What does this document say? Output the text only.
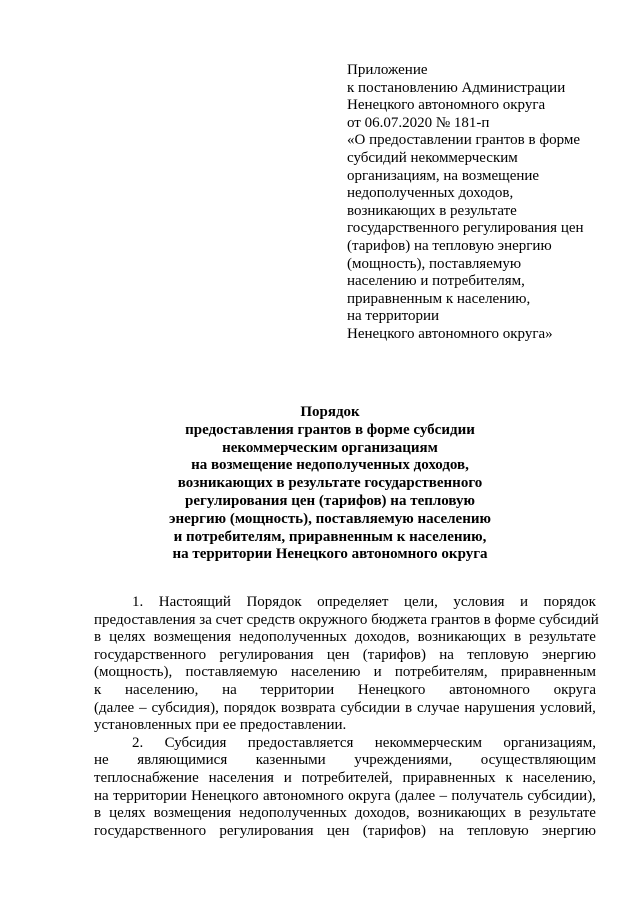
Приложение
к постановлению Администрации
Ненецкого автономного округа
от 06.07.2020 № 181-п
«О предоставлении грантов в форме
субсидий некоммерческим
организациям, на возмещение
недополученных доходов,
возникающих в результате
государственного регулирования цен
(тарифов) на тепловую энергию
(мощность), поставляемую
населению и потребителям,
приравненным к населению,
на территории
Ненецкого автономного округа»
Порядок
предоставления грантов в форме субсидии
некоммерческим организациям
на возмещение недополученных доходов,
возникающих в результате государственного
регулирования цен (тарифов) на тепловую
энергию (мощность), поставляемую населению
и потребителям, приравненным к населению,
на территории Ненецкого автономного округа
1. Настоящий Порядок определяет цели, условия и порядок
предоставления за счет средств окружного бюджета грантов в форме субсидий
в целях возмещения недополученных доходов, возникающих в результате
государственного регулирования цен (тарифов) на тепловую энергию
(мощность), поставляемую населению и потребителям, приравненным
к населению, на территории Ненецкого автономного округа
(далее – субсидия), порядок возврата субсидии в случае нарушения условий,
установленных при ее предоставлении.
2. Субсидия предоставляется некоммерческим организациям,
не являющимися казенными учреждениями, осуществляющим
теплоснабжение населения и потребителей, приравненных к населению,
на территории Ненецкого автономного округа (далее – получатель субсидии),
в целях возмещения недополученных доходов, возникающих в результате
государственного регулирования цен (тарифов) на тепловую энергию
